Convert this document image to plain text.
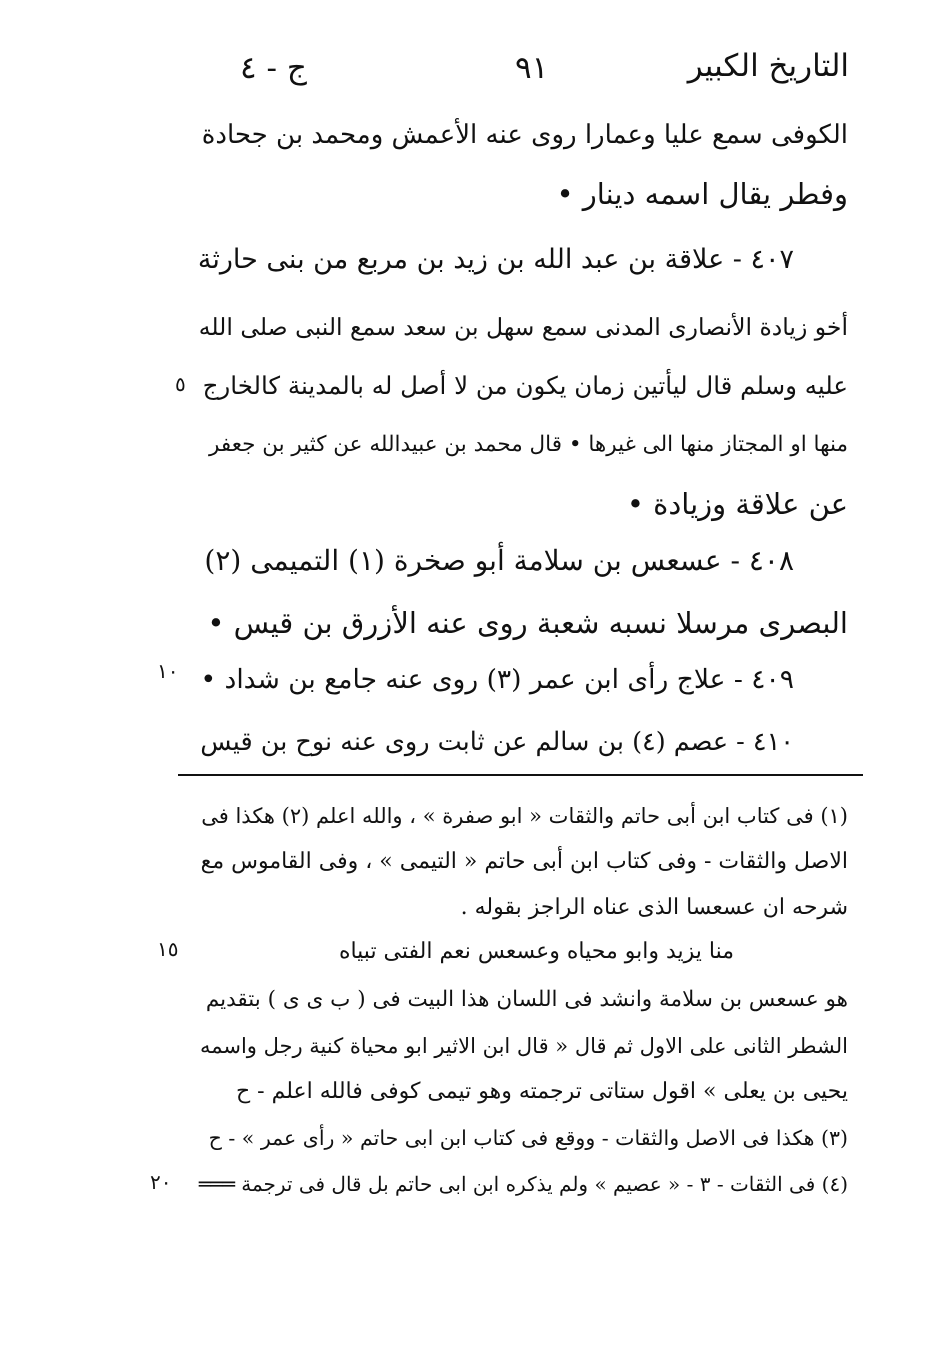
التاريخ الكبير
٩١
ج - ٤
الكوفى سمع عليا وعمارا روى عنه الأعمش ومحمد بن جحادة
وفطر يقال اسمه دينار •
٤٠٧ - علاقة بن عبد الله بن زيد بن مربع من بنى حارثة
أخو زيادة الأنصارى المدنى سمع سهل بن سعد سمع النبى صلى الله
عليه وسلم قال ليأتين زمان يكون من لا أصل له بالمدينة كالخارج
منها او المجتاز منها الى غيرها • قال محمد بن عبيدالله عن كثير بن جعفر
عن علاقة وزيادة •
٤٠٨ - عسعس بن سلامة أبو صخرة (١) التميمى (٢)
البصرى مرسلا نسبه شعبة روى عنه الأزرق بن قيس •
٤٠٩ - علاج رأى ابن عمر (٣) روى عنه جامع بن شداد •
٤١٠ - عصم (٤) بن سالم عن ثابت روى عنه نوح بن قيس
٥
١٠
١٥
٢٠
(١) فى كتاب ابن أبى حاتم والثقات « ابو صفرة » ، والله اعلم (٢) هكذا فى
الاصل والثقات - وفى كتاب ابن أبى حاتم « التيمى » ، وفى القاموس مع
شرحه ان عسعسا الذى عناه الراجز بقوله .
منا يزيد وابو محياه وعسعس نعم الفتى تبياه
هو عسعس بن سلامة وانشد فى اللسان هذا البيت فى ( ب ى ى ) بتقديم
الشطر الثانى على الاول ثم قال « قال ابن الاثير ابو محياة كنية رجل واسمه
يحيى بن يعلى » اقول ستاتى ترجمته وهو تيمى كوفى فالله اعلم - ح
(٣) هكذا فى الاصل والثقات - ووقع فى كتاب ابن ابى حاتم « رأى عمر » - ح
(٤) فى الثقات - ٣ - « عصيم » ولم يذكره ابن ابى حاتم بل قال فى ترجمة ═══
